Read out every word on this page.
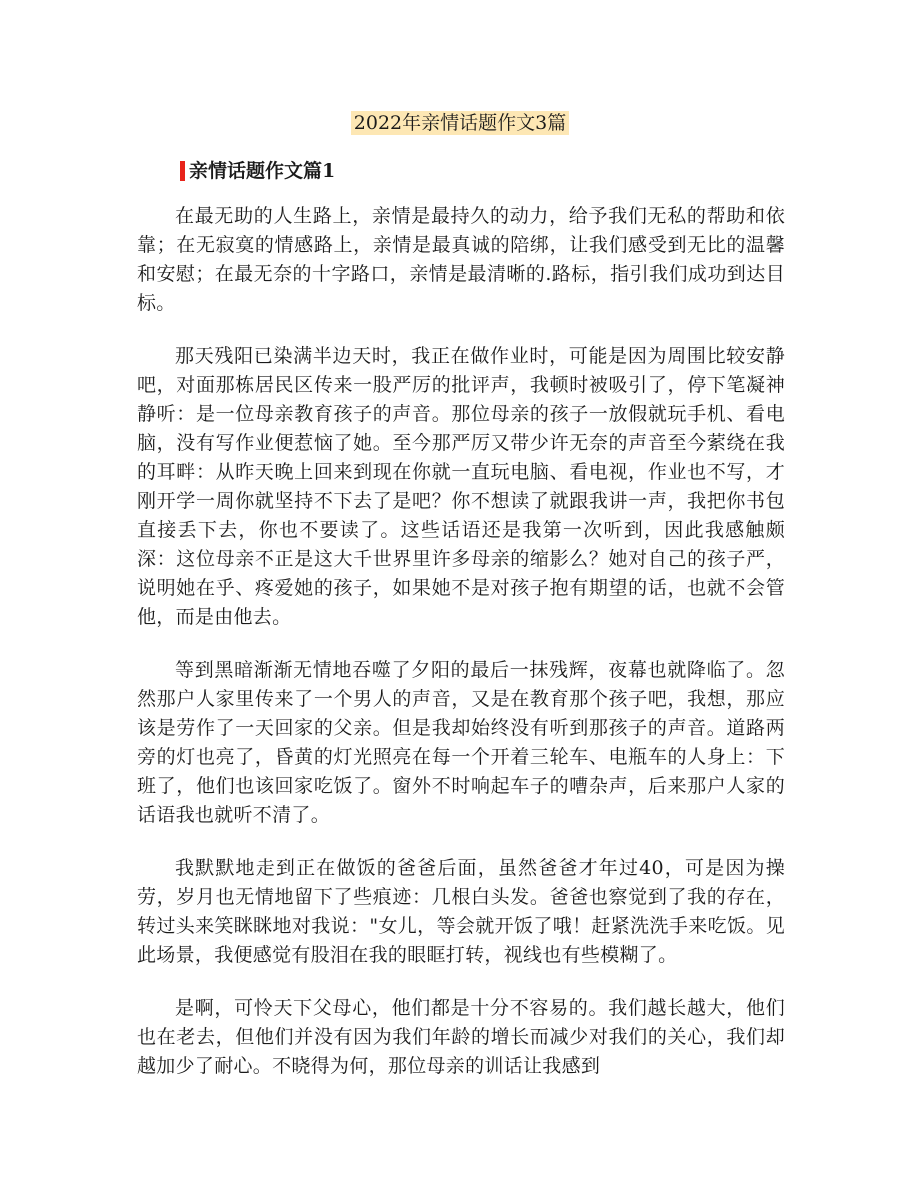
2022年亲情话题作文3篇
亲情话题作文篇1

在最无助的人生路上，亲情是最持久的动力，给予我们无私的帮助和依靠；在无寂寞的情感路上，亲情是最真诚的陪绑，让我们感受到无比的温馨和安慰；在最无奈的十字路口，亲情是最清晰的.路标，指引我们成功到达目标。

那天残阳已染满半边天时，我正在做作业时，可能是因为周围比较安静吧，对面那栋居民区传来一股严厉的批评声，我顿时被吸引了，停下笔凝神静听：是一位母亲教育孩子的声音。那位母亲的孩子一放假就玩手机、看电脑，没有写作业便惹恼了她。至今那严厉又带少许无奈的声音至今萦绕在我的耳畔：从昨天晚上回来到现在你就一直玩电脑、看电视，作业也不写，才刚开学一周你就坚持不下去了是吧？你不想读了就跟我讲一声，我把你书包直接丢下去，你也不要读了。这些话语还是我第一次听到，因此我感触颇深：这位母亲不正是这大千世界里许多母亲的缩影么？她对自己的孩子严，说明她在乎、疼爱她的孩子，如果她不是对孩子抱有期望的话，也就不会管他，而是由他去。

等到黑暗渐渐无情地吞噬了夕阳的最后一抹残辉，夜幕也就降临了。忽然那户人家里传来了一个男人的声音，又是在教育那个孩子吧，我想，那应该是劳作了一天回家的父亲。但是我却始终没有听到那孩子的声音。道路两旁的灯也亮了，昏黄的灯光照亮在每一个开着三轮车、电瓶车的人身上：下班了，他们也该回家吃饭了。窗外不时响起车子的嘈杂声，后来那户人家的话语我也就听不清了。

我默默地走到正在做饭的爸爸后面，虽然爸爸才年过40，可是因为操劳，岁月也无情地留下了些痕迹：几根白头发。爸爸也察觉到了我的存在，转过头来笑眯眯地对我说："女儿，等会就开饭了哦！赶紧洗洗手来吃饭。见此场景，我便感觉有股泪在我的眼眶打转，视线也有些模糊了。

是啊，可怜天下父母心，他们都是十分不容易的。我们越长越大，他们也在老去，但他们并没有因为我们年龄的增长而减少对我们的关心，我们却越加少了耐心。不晓得为何，那位母亲的训话让我感到
